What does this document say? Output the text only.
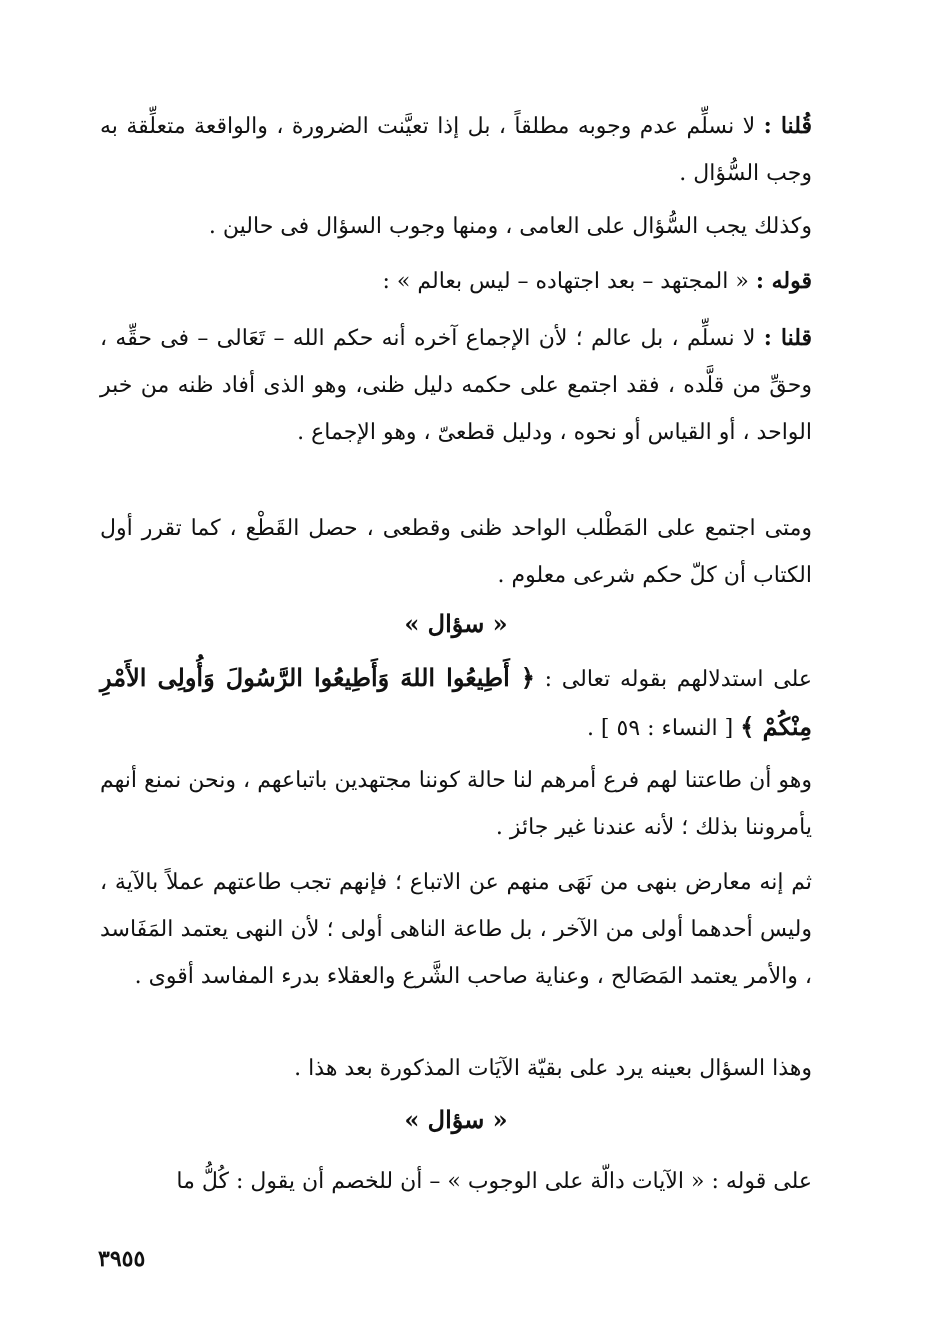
قُلنا : لا نسلِّم عدم وجوبه مطلقاً ، بل إذا تعيَّنت الضرورة ، والواقعة متعلِّقة به وجب السُّؤال .

وكذلك يجب السُّؤال على العامى ، ومنها وجوب السؤال فى حالين .

قوله : « المجتهد – بعد اجتهاده – ليس بعالم » :

قلنا : لا نسلِّم ، بل عالم ؛ لأن الإجماع آخره أنه حكم الله – تَعَالى – فى حقِّه ، وحقِّ من قلَّده ، فقد اجتمع على حكمه دليل ظنى، وهو الذى أفاد ظنه من خبر الواحد ، أو القياس أو نحوه ، ودليل قطعىّ ، وهو الإجماع .

ومتى اجتمع على المَطْلب الواحد ظنى وقطعى ، حصل القَطْع ، كما تقرر أول الكتاب أن كلّ حكم شرعى معلوم .

« سؤال »

على استدلالهم بقوله تعالى : ﴿ أَطِيعُوا اللهَ وَأَطِيعُوا الرَّسُولَ وَأُولِى الأَمْرِ مِنْكُمْ ﴾ [ النساء : ٥٩ ] .

وهو أن طاعتنا لهم فرع أمرهم لنا حالة كوننا مجتهدين باتباعهم ، ونحن نمنع أنهم يأمروننا بذلك ؛ لأنه عندنا غير جائز .

ثم إنه معارض بنهى من نَهَى منهم عن الاتباع ؛ فإنهم تجب طاعتهم عملاً بالآية ، وليس أحدهما أولى من الآخر ، بل طاعة الناهى أولى ؛ لأن النهى يعتمد المَفَاسد ، والأمر يعتمد المَصَالح ، وعناية صاحب الشَّرع والعقلاء بدرء المفاسد أقوى .

وهذا السؤال بعينه يرد على بقيّة الآيَات المذكورة بعد هذا .

« سؤال »

على قوله : « الآيات دالّة على الوجوب » – أن للخصم أن يقول : كُلُّ ما

٣٩٥٥
